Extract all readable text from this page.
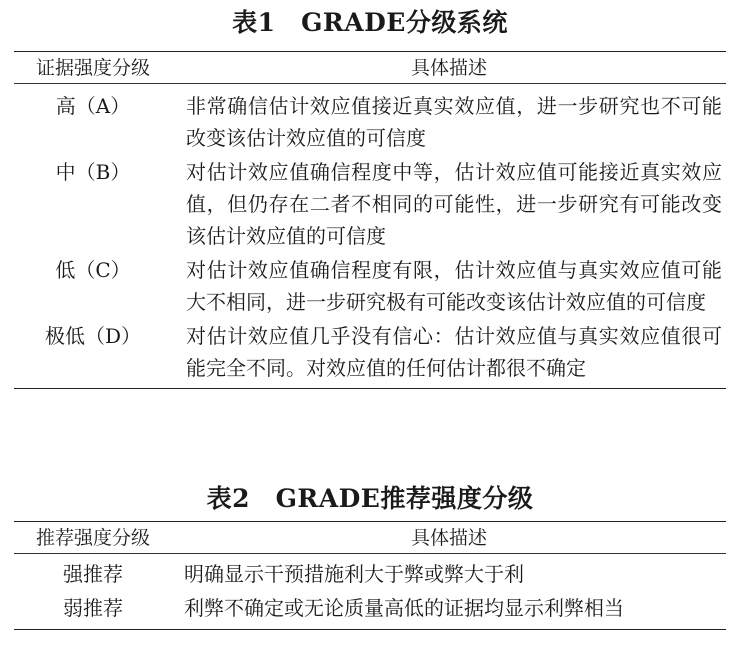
表1　GRADE分级系统
证据强度分级	具体描述
高（A）	非常确信估计效应值接近真实效应值，进一步研究也不可能改变该估计效应值的可信度
中（B）	对估计效应值确信程度中等，估计效应值可能接近真实效应值，但仍存在二者不相同的可能性，进一步研究有可能改变该估计效应值的可信度
低（C）	对估计效应值确信程度有限，估计效应值与真实效应值可能大不相同，进一步研究极有可能改变该估计效应值的可信度
极低（D）	对估计效应值几乎没有信心：估计效应值与真实效应值很可能完全不同。对效应值的任何估计都很不确定
表2　GRADE推荐强度分级
推荐强度分级	具体描述
强推荐	明确显示干预措施利大于弊或弊大于利
弱推荐	利弊不确定或无论质量高低的证据均显示利弊相当
